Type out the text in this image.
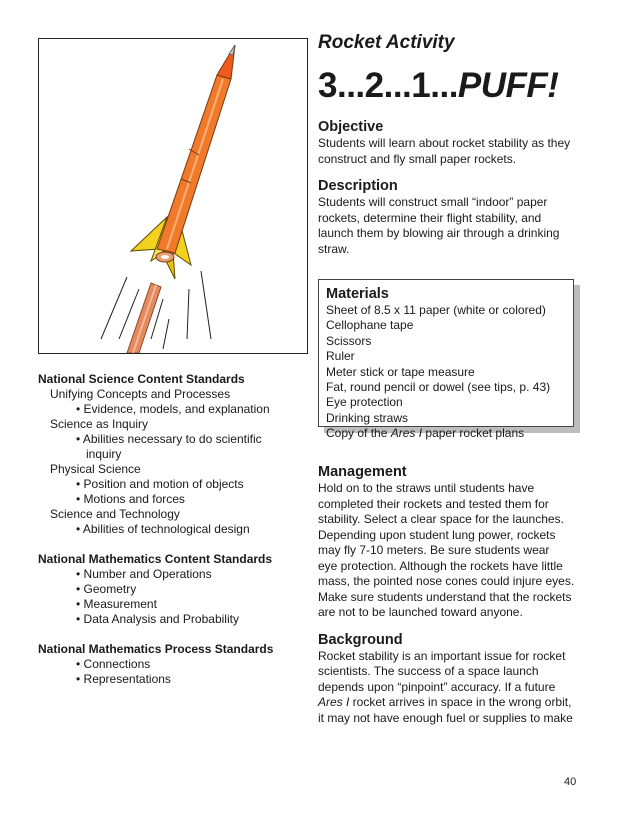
Rocket Activity

3...2...1...PUFF!

Objective

Students will learn about rocket stability as they

construct and fly small paper rockets.

Description

Students will construct small “indoor” paper

rockets, determine their flight stability, and

launch them by blowing air through a drinking

straw.

Materials

Sheet of 8.5 x 11 paper (white or colored)
Cellophane tape
Scissors
Ruler
Meter stick or tape measure
Fat, round pencil or dowel (see tips, p. 43)
Eye protection
Drinking straws
Copy of the Ares I paper rocket plans

Management

Hold on to the straws until students have

completed their rockets and tested them for

stability. Select a clear space for the launches.

Depending upon student lung power, rockets

may fly 7-10 meters. Be sure students wear

eye protection. Although the rockets have little

mass, the pointed nose cones could injure eyes.

Make sure students understand that the rockets

are not to be launched toward anyone.

Background

Rocket stability is an important issue for rocket

scientists. The success of a space launch

depends upon “pinpoint” accuracy. If a future

Ares I rocket arrives in space in the wrong orbit,

it may not have enough fuel or supplies to make

National Science Content Standards

Unifying Concepts and Processes

• Evidence, models, and explanation

Science as Inquiry

• Abilities necessary to do scientific

inquiry

Physical Science

• Position and motion of objects

• Motions and forces

Science and Technology

• Abilities of technological design

National Mathematics Content Standards

• Number and Operations

• Geometry

• Measurement

• Data Analysis and Probability

National Mathematics Process Standards

• Connections

• Representations

40
